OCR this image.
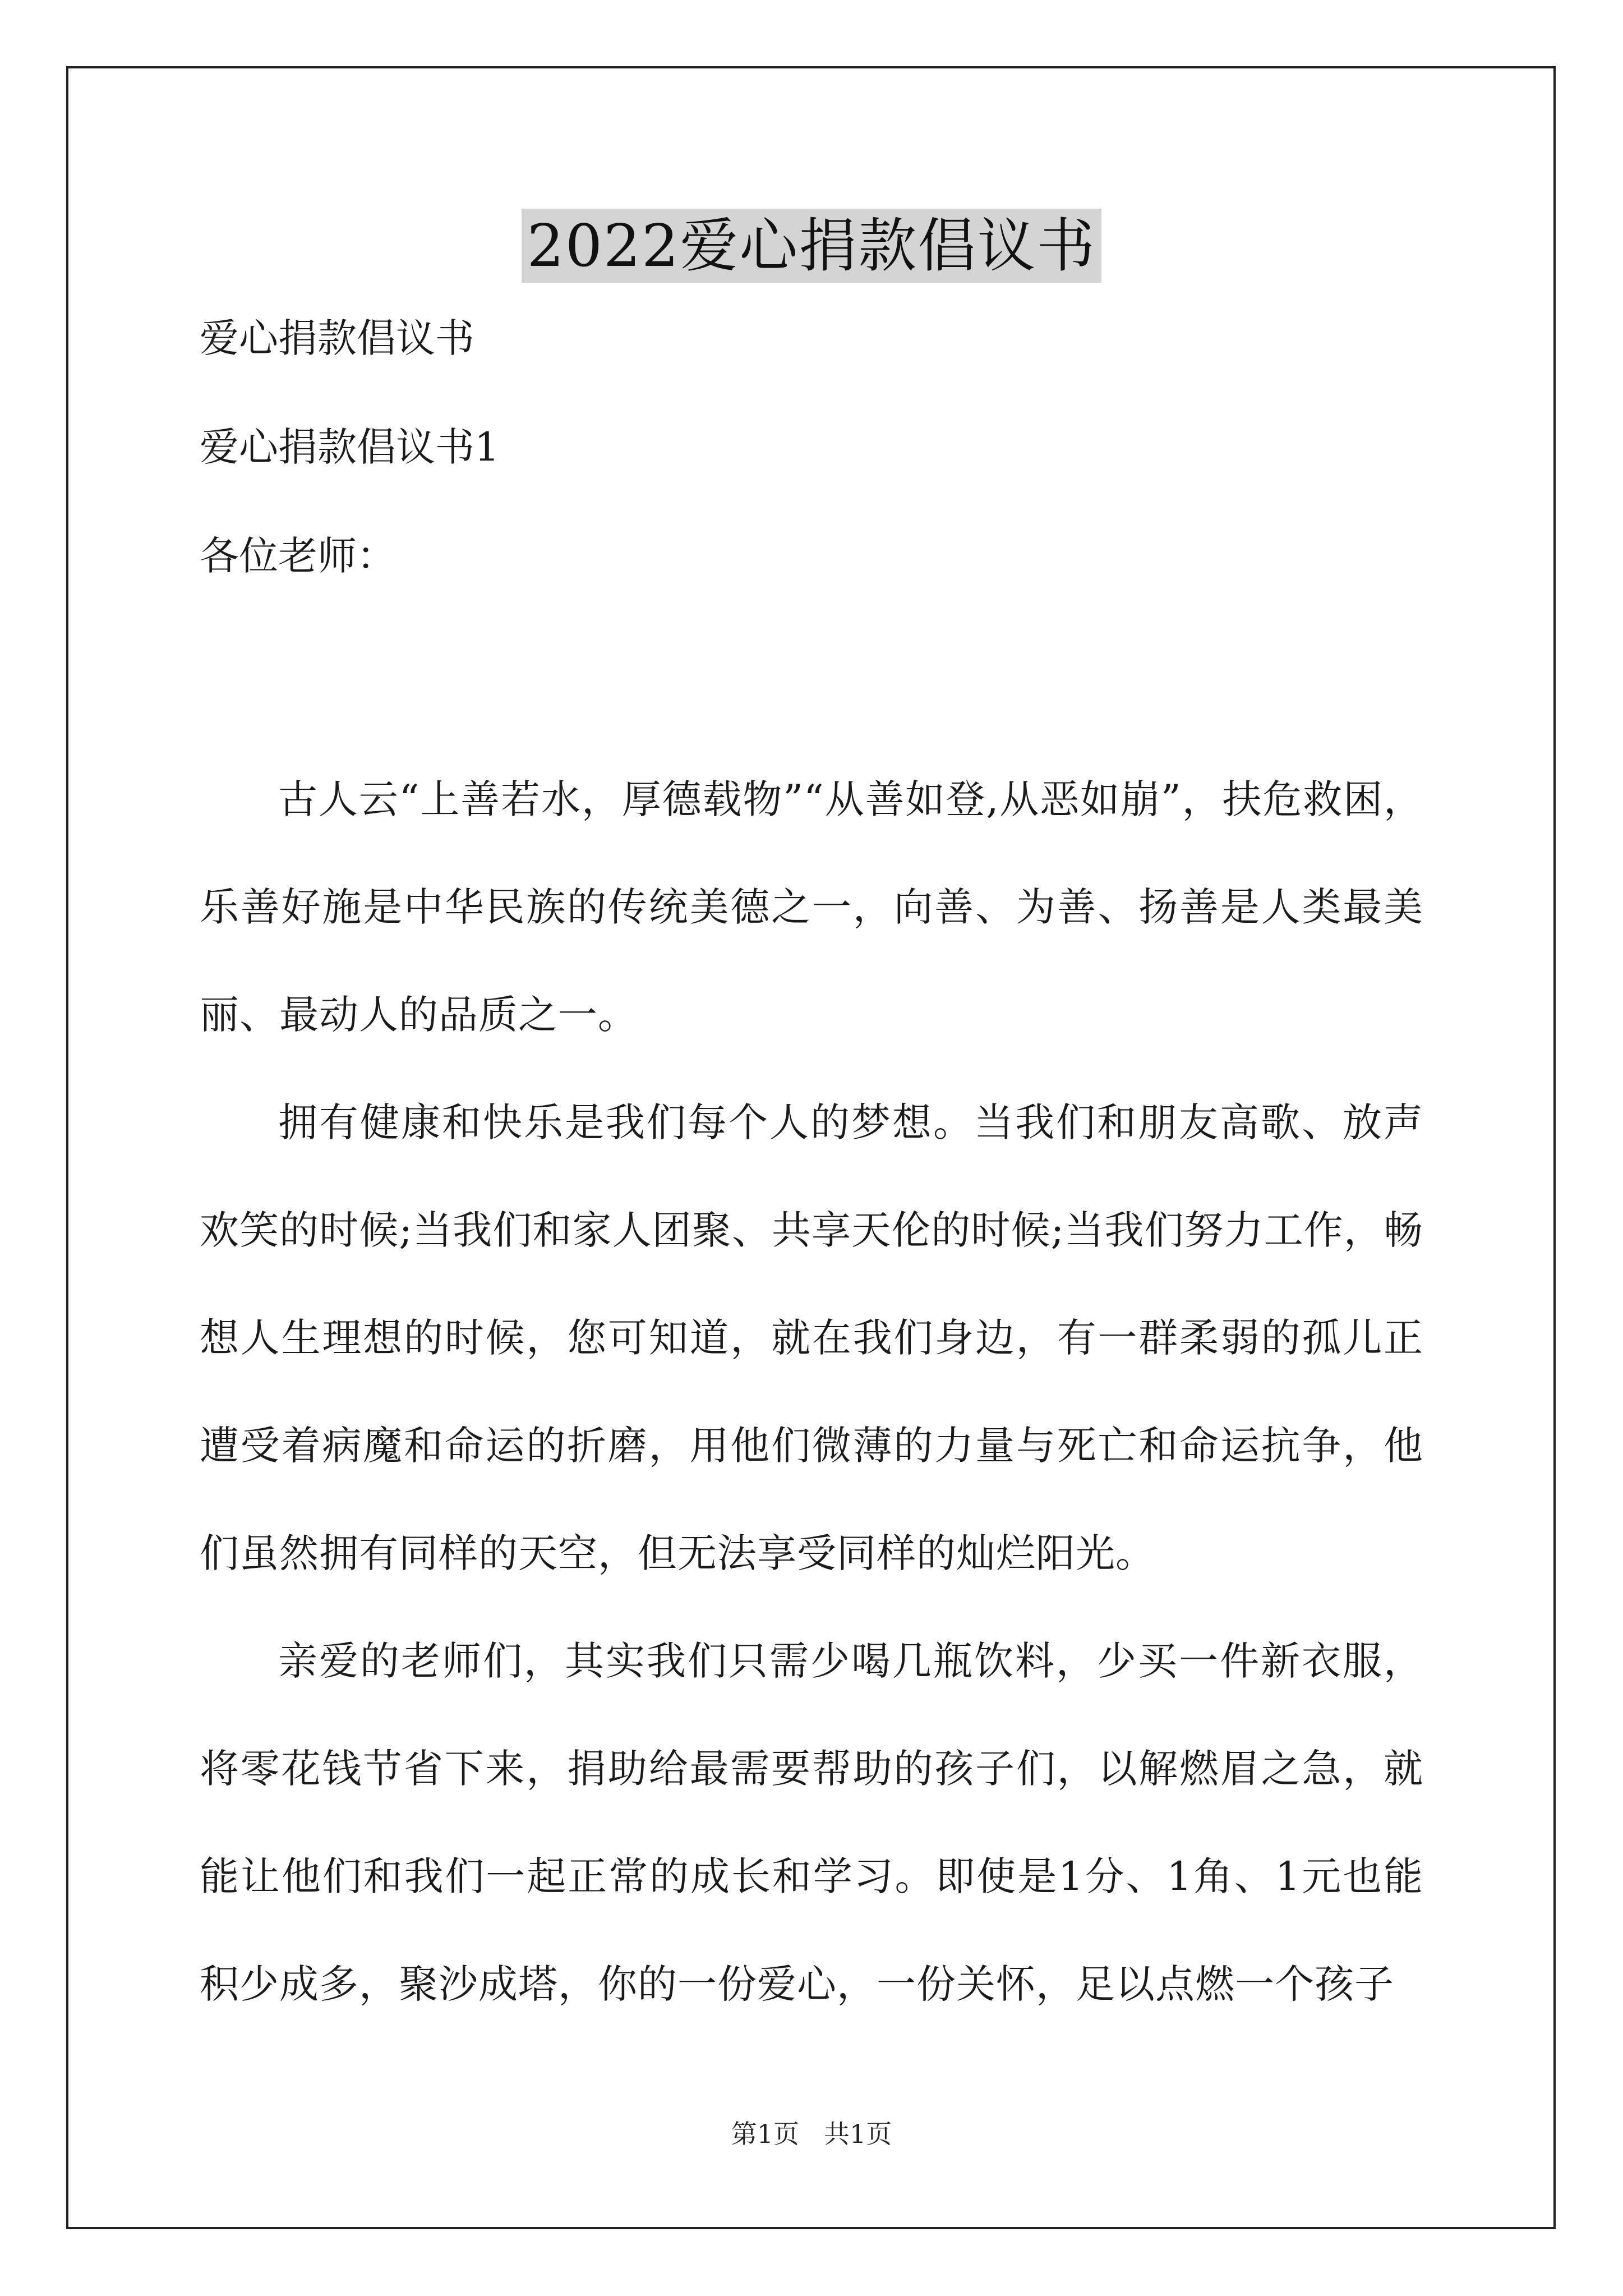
2022爱心捐款倡议书

爱心捐款倡议书

爱心捐款倡议书1

各位老师：

古人云“上善若水，厚德载物”“从善如登,从恶如崩”，扶危救困，乐善好施是中华民族的传统美德之一，向善、为善、扬善是人类最美丽、最动人的品质之一。

拥有健康和快乐是我们每个人的梦想。当我们和朋友高歌、放声欢笑的时候;当我们和家人团聚、共享天伦的时候;当我们努力工作，畅想人生理想的时候，您可知道，就在我们身边，有一群柔弱的孤儿正遭受着病魔和命运的折磨，用他们微薄的力量与死亡和命运抗争，他们虽然拥有同样的天空，但无法享受同样的灿烂阳光。

亲爱的老师们，其实我们只需少喝几瓶饮料，少买一件新衣服，将零花钱节省下来，捐助给最需要帮助的孩子们，以解燃眉之急，就能让他们和我们一起正常的成长和学习。即使是1分、1角、1元也能积少成多，聚沙成塔，你的一份爱心，一份关怀，足以点燃一个孩子

第1页 共1页
